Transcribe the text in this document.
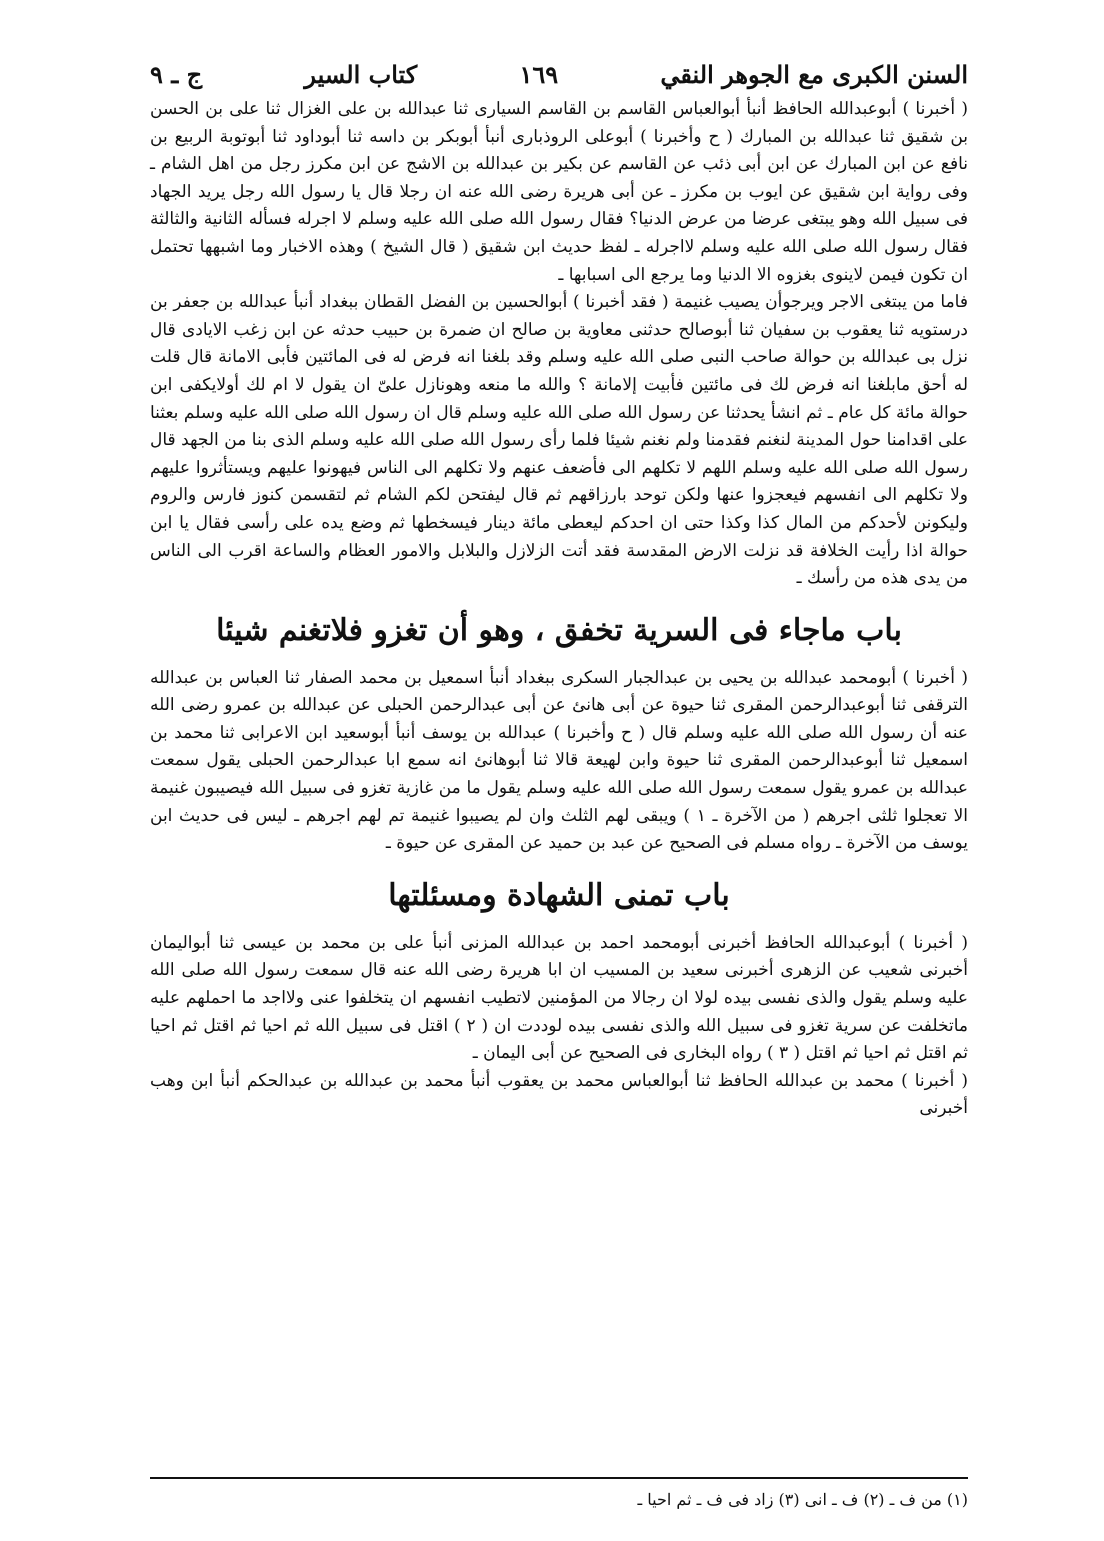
السنن الكبرى مع الجوهر النقي
١٦٩
كتاب السير
ج ـ ٩

( أخبرنا ) أبوعبدالله الحافظ أنبأ أبوالعباس القاسم بن القاسم السيارى ثنا عبدالله بن على الغزال ثنا على بن الحسن بن شقيق ثنا عبدالله بن المبارك ( ح وأخبرنا ) أبوعلى الروذبارى أنبأ أبوبكر بن داسه ثنا أبوداود ثنا أبوتوبة الربيع بن نافع عن ابن المبارك عن ابن أبى ذئب عن القاسم عن بكير بن عبدالله بن الاشج عن ابن مكرز رجل من اهل الشام ـ وفى رواية ابن شقيق عن ايوب بن مكرز ـ عن أبى هريرة رضى الله عنه ان رجلا قال يا رسول الله رجل يريد الجهاد فى سبيل الله وهو يبتغى عرضا من عرض الدنيا؟ فقال رسول الله صلى الله عليه وسلم لا اجرله فسأله الثانية والثالثة فقال رسول الله صلى الله عليه وسلم لااجرله ـ لفظ حديث ابن شقيق ( قال الشيخ ) وهذه الاخبار وما اشبهها تحتمل ان تكون فيمن لاينوى بغزوه الا الدنيا وما يرجع الى اسبابها ـ

فاما من يبتغى الاجر ويرجوأن يصيب غنيمة ( فقد أخبرنا ) أبوالحسين بن الفضل القطان ببغداد أنبأ عبدالله بن جعفر بن درستويه ثنا يعقوب بن سفيان ثنا أبوصالح حدثنى معاوية بن صالح ان ضمرة بن حبيب حدثه عن ابن زغب الايادى قال نزل بى عبدالله بن حوالة صاحب النبى صلى الله عليه وسلم وقد بلغنا انه فرض له فى المائتين فأبى الامانة قال قلت له أحق مابلغنا انه فرض لك فى مائتين فأبيت إلامانة ؟ والله ما منعه وهونازل علىّ ان يقول لا ام لك أولايكفى ابن حوالة مائة كل عام ـ ثم انشأ يحدثنا عن رسول الله صلى الله عليه وسلم قال ان رسول الله صلى الله عليه وسلم بعثنا على اقدامنا حول المدينة لنغنم فقدمنا ولم نغنم شيئا فلما رأى رسول الله صلى الله عليه وسلم الذى بنا من الجهد قال رسول الله صلى الله عليه وسلم اللهم لا تكلهم الى فأضعف عنهم ولا تكلهم الى الناس فيهونوا عليهم ويستأثروا عليهم ولا تكلهم الى انفسهم فيعجزوا عنها ولكن توحد بارزاقهم ثم قال ليفتحن لكم الشام ثم لتقسمن كنوز فارس والروم وليكونن لأحدكم من المال كذا وكذا حتى ان احدكم ليعطى مائة دينار فيسخطها ثم وضع يده على رأسى فقال يا ابن حوالة اذا رأيت الخلافة قد نزلت الارض المقدسة فقد أتت الزلازل والبلابل والامور العظام والساعة اقرب الى الناس من يدى هذه من رأسك ـ

باب ماجاء فى السرية تخفق ، وهو أن تغزو فلاتغنم شيئا

( أخبرنا ) أبومحمد عبدالله بن يحيى بن عبدالجبار السكرى ببغداد أنبأ اسمعيل بن محمد الصفار ثنا العباس بن عبدالله الترقفى ثنا أبوعبدالرحمن المقرى ثنا حيوة عن أبى هانئ عن أبى عبدالرحمن الحبلى عن عبدالله بن عمرو رضى الله عنه أن رسول الله صلى الله عليه وسلم قال ( ح وأخبرنا ) عبدالله بن يوسف أنبأ أبوسعيد ابن الاعرابى ثنا محمد بن اسمعيل ثنا أبوعبدالرحمن المقرى ثنا حيوة وابن لهيعة قالا ثنا أبوهانئ انه سمع ابا عبدالرحمن الحبلى يقول سمعت عبدالله بن عمرو يقول سمعت رسول الله صلى الله عليه وسلم يقول ما من غازية تغزو فى سبيل الله فيصيبون غنيمة الا تعجلوا ثلثى اجرهم ( من الآخرة ـ ١ ) ويبقى لهم الثلث وان لم يصيبوا غنيمة تم لهم اجرهم ـ ليس فى حديث ابن يوسف من الآخرة ـ رواه مسلم فى الصحيح عن عبد بن حميد عن المقرى عن حيوة ـ

باب تمنى الشهادة ومسئلتها

( أخبرنا ) أبوعبدالله الحافظ أخبرنى أبومحمد احمد بن عبدالله المزنى أنبأ على بن محمد بن عيسى ثنا أبواليمان أخبرنى شعيب عن الزهرى أخبرنى سعيد بن المسيب ان ابا هريرة رضى الله عنه قال سمعت رسول الله صلى الله عليه وسلم يقول والذى نفسى بيده لولا ان رجالا من المؤمنين لاتطيب انفسهم ان يتخلفوا عنى ولااجد ما احملهم عليه ماتخلفت عن سرية تغزو فى سبيل الله والذى نفسى بيده لوددت ان ( ٢ ) اقتل فى سبيل الله ثم احيا ثم اقتل ثم احيا ثم اقتل ثم احيا ثم اقتل ( ٣ ) رواه البخارى فى الصحيح عن أبى اليمان ـ

( أخبرنا ) محمد بن عبدالله الحافظ ثنا أبوالعباس محمد بن يعقوب أنبأ محمد بن عبدالله بن عبدالحكم أنبأ ابن وهب أخبرنى

(١) من ف ـ (٢) ف ـ انى (٣) زاد فى ف ـ ثم احيا ـ
